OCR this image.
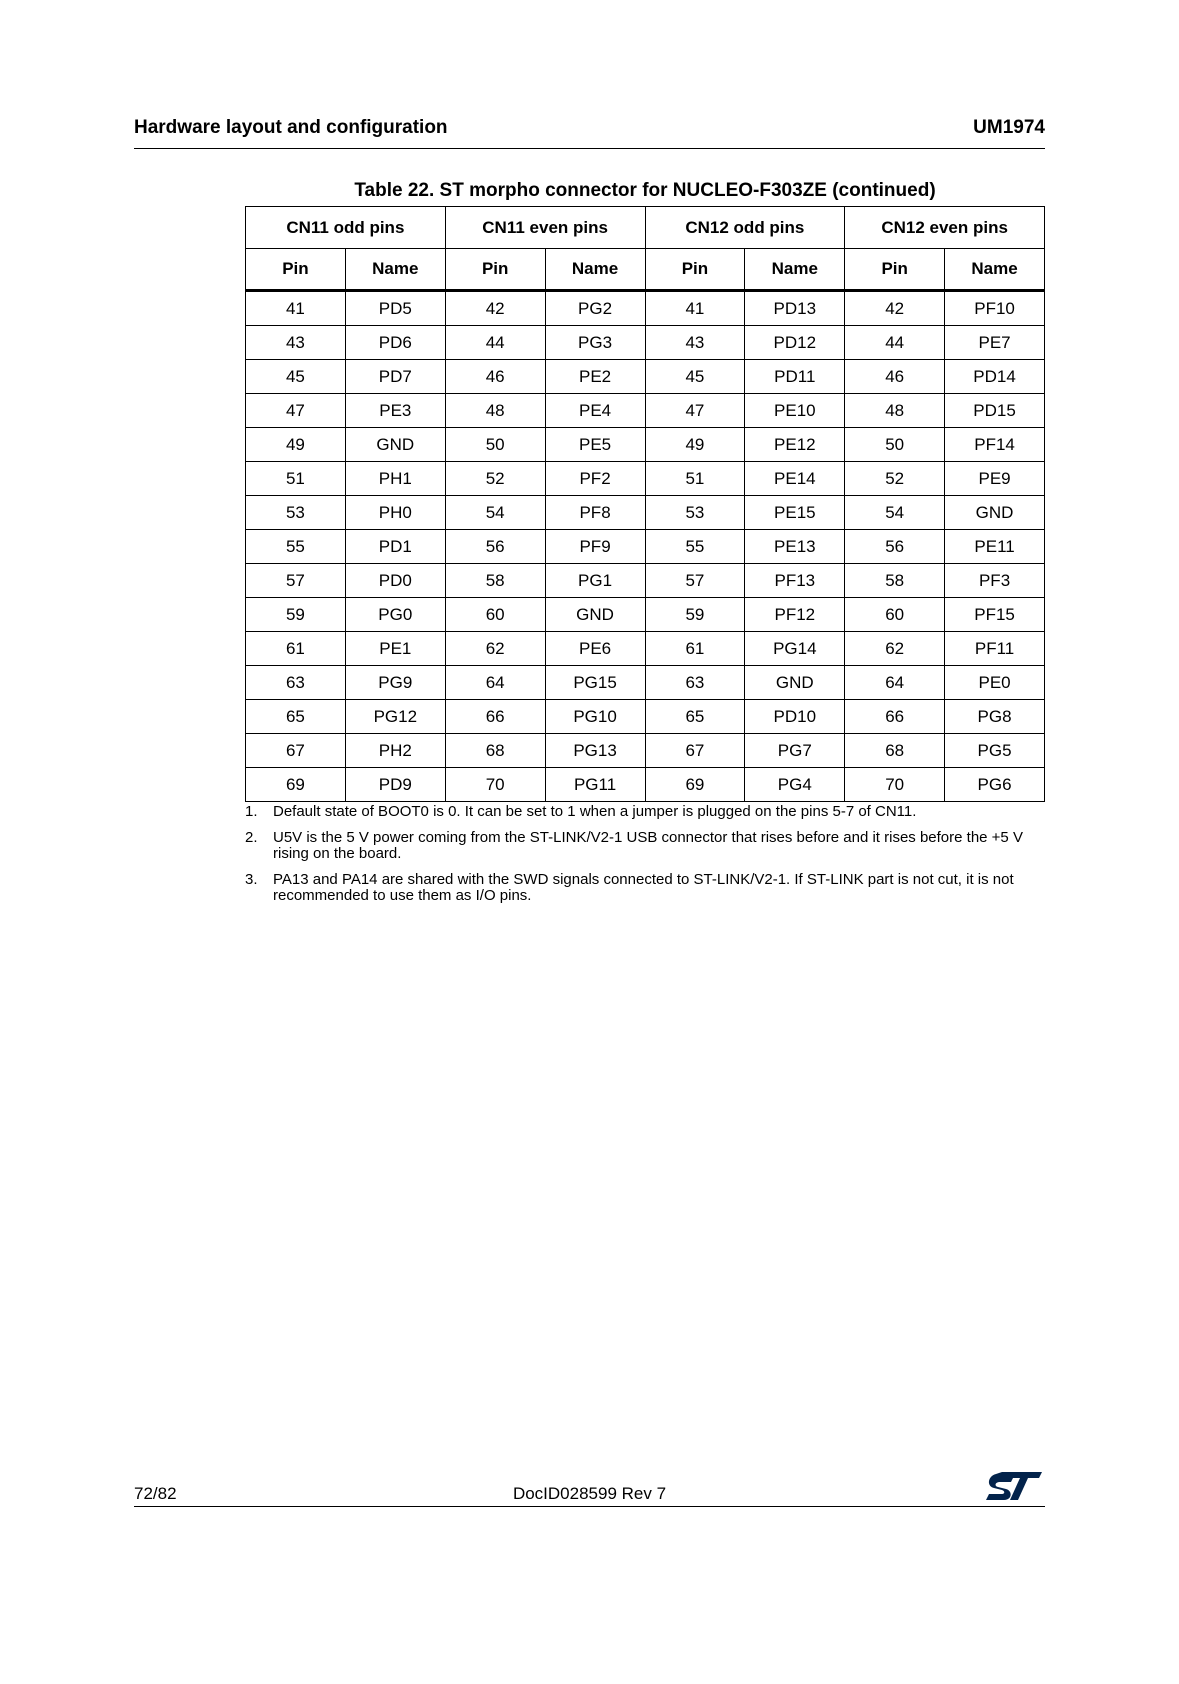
Hardware layout and configuration	UM1974
Table 22. ST morpho connector for NUCLEO-F303ZE (continued)
CN11 odd pins		CN11 even pins		CN12 odd pins		CN12 even pins	
Pin	Name	Pin	Name	Pin	Name	Pin	Name
41	PD5	42	PG2	41	PD13	42	PF10
43	PD6	44	PG3	43	PD12	44	PE7
45	PD7	46	PE2	45	PD11	46	PD14
47	PE3	48	PE4	47	PE10	48	PD15
49	GND	50	PE5	49	PE12	50	PF14
51	PH1	52	PF2	51	PE14	52	PE9
53	PH0	54	PF8	53	PE15	54	GND
55	PD1	56	PF9	55	PE13	56	PE11
57	PD0	58	PG1	57	PF13	58	PF3
59	PG0	60	GND	59	PF12	60	PF15
61	PE1	62	PE6	61	PG14	62	PF11
63	PG9	64	PG15	63	GND	64	PE0
65	PG12	66	PG10	65	PD10	66	PG8
67	PH2	68	PG13	67	PG7	68	PG5
69	PD9	70	PG11	69	PG4	70	PG6
1.	Default state of BOOT0 is 0. It can be set to 1 when a jumper is plugged on the pins 5-7 of CN11.
2.	U5V is the 5 V power coming from the ST-LINK/V2-1 USB connector that rises before and it rises before the +5 V rising on the board.
3.	PA13 and PA14 are shared with the SWD signals connected to ST-LINK/V2-1. If ST-LINK part is not cut, it is not recommended to use them as I/O pins.
72/82	DocID028599 Rev 7
